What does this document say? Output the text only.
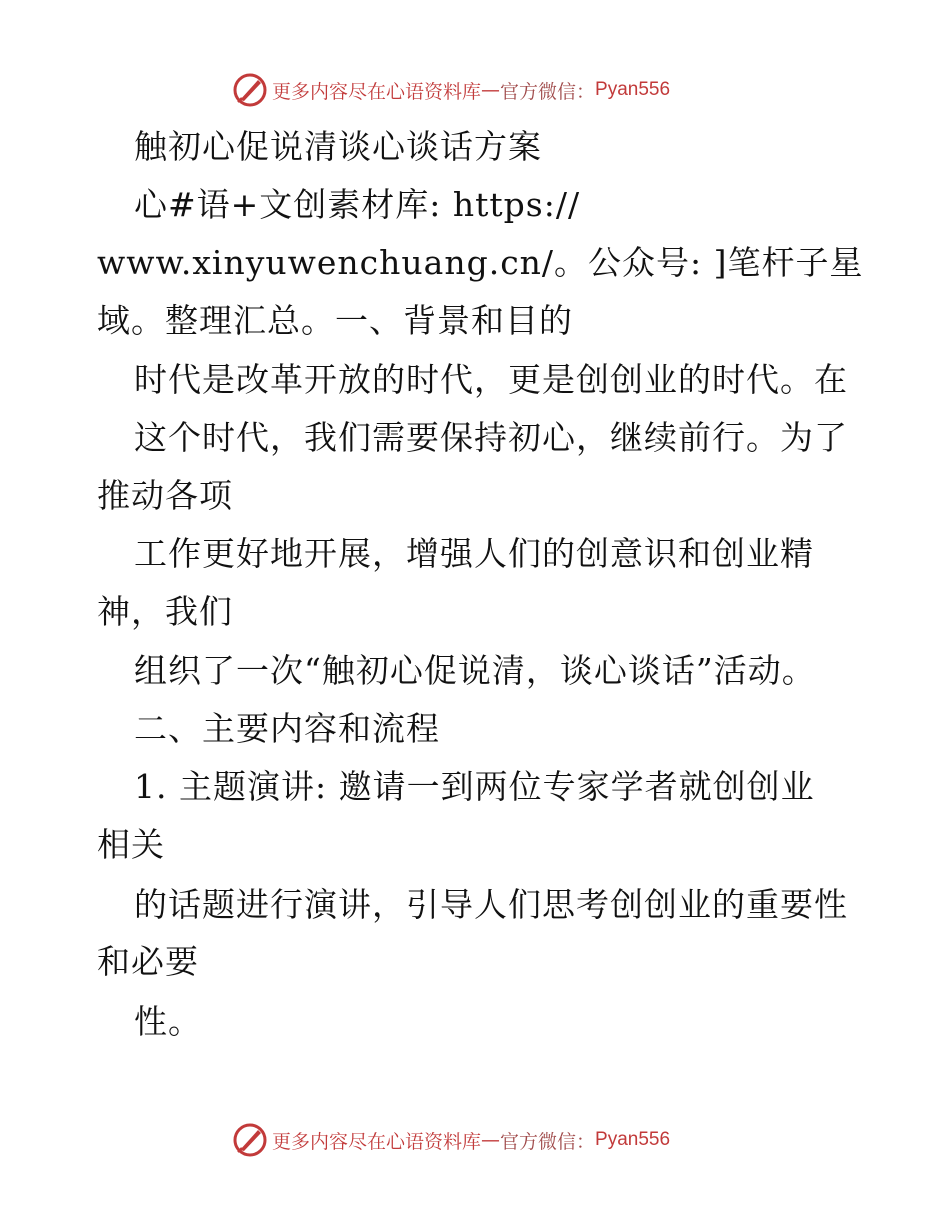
更多内容尽在心语资料库 — 官方微信： Pyan556
触初心促说清谈心谈话方案
心#语+文创素材库: https://
www.xinyuwenchuang.cn/。公众号: ]笔杆子星
域。整理汇总。一、背景和目的
时代是改革开放的时代，更是创创业的时代。在
这个时代，我们需要保持初心，继续前行。为了
推动各项
工作更好地开展，增强人们的创意识和创业精
神，我们
组织了一次“触初心促说清，谈心谈话”活动。
二、主要内容和流程
1. 主题演讲: 邀请一到两位专家学者就创创业
相关
的话题进行演讲，引导人们思考创创业的重要性
和必要
性。
更多内容尽在心语资料库 — 官方微信： Pyan556
